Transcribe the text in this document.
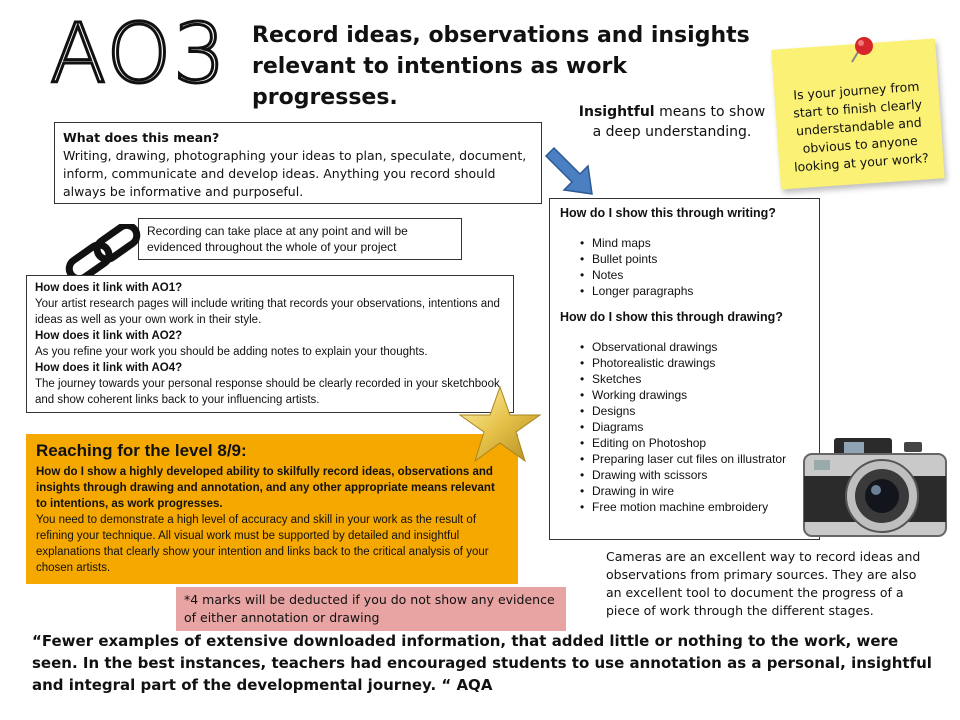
AO3 Record ideas, observations and insights
relevant to intentions as work progresses.
Insightful means to show
a deep understanding.
Is your journey from start to finish clearly understandable and obvious to anyone looking at your work?
What does this mean?
Writing, drawing, photographing your ideas to plan, speculate, document, inform, communicate and develop ideas. Anything you record should always be informative and purposeful.
Recording can take place at any point and will be evidenced throughout the whole of your project
How does it link with AO1?
Your artist research pages will include writing that records your observations, intentions and ideas as well as your own work in their style.
How does it link with AO2?
As you refine your work you should be adding notes to explain your thoughts.
How does it link with AO4?
The journey towards your personal response should be clearly recorded in your sketchbook and show coherent links back to your influencing artists.
Reaching for the level 8/9:
How do I show a highly developed ability to skilfully record ideas, observations and insights through drawing and annotation, and any other appropriate means relevant to intentions, as work progresses.
You need to demonstrate a high level of accuracy and skill in your work as the result of refining your technique. All visual work must be supported by detailed and insightful explanations that clearly show your intention and links back to the critical analysis of your chosen artists.
*4 marks will be deducted if you do not show any evidence of either annotation or drawing
How do I show this through writing?
• Mind maps
• Bullet points
• Notes
• Longer paragraphs
How do I show this through drawing?
• Observational drawings
• Photorealistic drawings
• Sketches
• Working drawings
• Designs
• Diagrams
• Editing on Photoshop
• Preparing laser cut files on illustrator
• Drawing with scissors
• Drawing in wire
• Free motion machine embroidery
Cameras are an excellent way to record ideas and observations from primary sources. They are also an excellent tool to document the progress of a piece of work through the different stages.
“Fewer examples of extensive downloaded information, that added little or nothing to the work, were seen. In the best instances, teachers had encouraged students to use annotation as a personal, insightful and integral part of the developmental journey. “ AQA
